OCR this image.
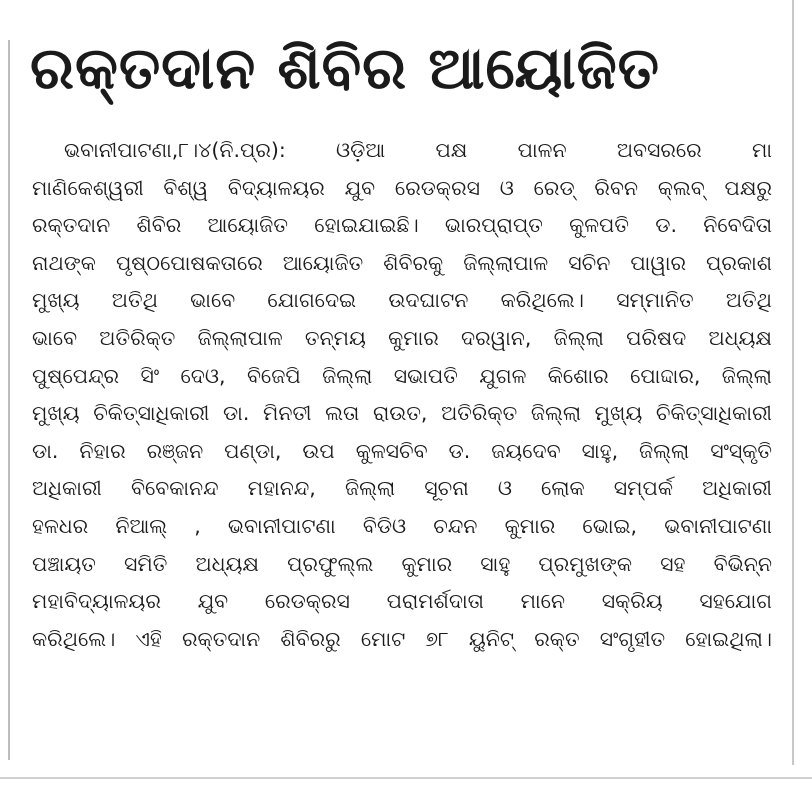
ରକ୍ତଦାନ ଶିବିର ଆୟୋଜିତ
ଭବାନୀପାଟଣା,୮।୪(ନି.ପ୍ର): ଓଡ଼ିଆ ପକ୍ଷ ପାଳନ ଅବସରରେ ମା
ମାଣିକେଶ୍ୱରୀ ବିଶ୍ୱ ବିଦ୍ୟାଳୟର ଯୁବ ରେଡକ୍ରସ ଓ ରେଡ୍ ରିବନ କ୍ଲବ୍ ପକ୍ଷରୁ
ରକ୍ତଦାନ ଶିବିର ଆୟୋଜିତ ହୋଇଯାଇଛି। ଭାରପ୍ରାପ୍ତ କୁଳପତି ଡ. ନିବେଦିତା
ନାଥଙ୍କ ପୃଷ୍ଠପୋଷକତାରେ ଆୟୋଜିତ ଶିବିରକୁ ଜିଲ୍ଲାପାଳ ସଚିନ ପାୱାର ପ୍ରକାଶ
ମୁଖ୍ୟ ଅତିଥି ଭାବେ ଯୋଗଦେଇ ଉଦଘାଟନ କରିଥିଲେ। ସମ୍ମାନିତ ଅତିଥି
ଭାବେ ଅତିରିକ୍ତ ଜିଲ୍ଲାପାଳ ତନ୍ମୟ କୁମାର ଦରୱାନ, ଜିଲ୍ଲା ପରିଷଦ ଅଧ୍ୟକ୍ଷ
ପୁଷ୍ପେନ୍ଦ୍ର ସିଂ ଦେଓ, ବିଜେପି ଜିଲ୍ଲା ସଭାପତି ଯୁଗଳ କିଶୋର ପୋଦ୍ଦାର, ଜିଲ୍ଲା
ମୁଖ୍ୟ ଚିକିତ୍ସାଧିକାରୀ ଡା. ମିନତୀ ଲତା ରାଉତ, ଅତିରିକ୍ତ ଜିଲ୍ଲା ମୁଖ୍ୟ ଚିକିତ୍ସାଧିକାରୀ
ଡା. ନିହାର ରଞ୍ଜନ ପଣ୍ଡା, ଉପ କୁଳସଚିବ ଡ. ଜୟଦେବ ସାହୁ, ଜିଲ୍ଲା ସଂସ୍କୃତି
ଅଧିକାରୀ ବିବେକାନନ୍ଦ ମହାନନ୍ଦ, ଜିଲ୍ଲା ସୂଚନା ଓ ଲୋକ ସମ୍ପର୍କ ଅଧିକାରୀ
ହଳଧର ନିଆଲ୍ , ଭବାନୀପାଟଣା ବିଡିଓ ଚନ୍ଦନ କୁମାର ଭୋଇ, ଭବାନୀପାଟଣା
ପଞ୍ଚାୟତ ସମିତି ଅଧ୍ୟକ୍ଷ ପ୍ରଫୁଲ୍ଲ କୁମାର ସାହୁ ପ୍ରମୁଖଙ୍କ ସହ ବିଭିନ୍ନ
ମହାବିଦ୍ୟାଳୟର ଯୁବ ରେଡକ୍ରସ ପରାମର୍ଶଦାତା ମାନେ ସକ୍ରିୟ ସହଯୋଗ
କରିଥିଲେ। ଏହି ରକ୍ତଦାନ ଶିବିରରୁ ମୋଟ ୭୮ ୟୁନିଟ୍ ରକ୍ତ ସଂଗୃହୀତ ହୋଇଥିଲା।
